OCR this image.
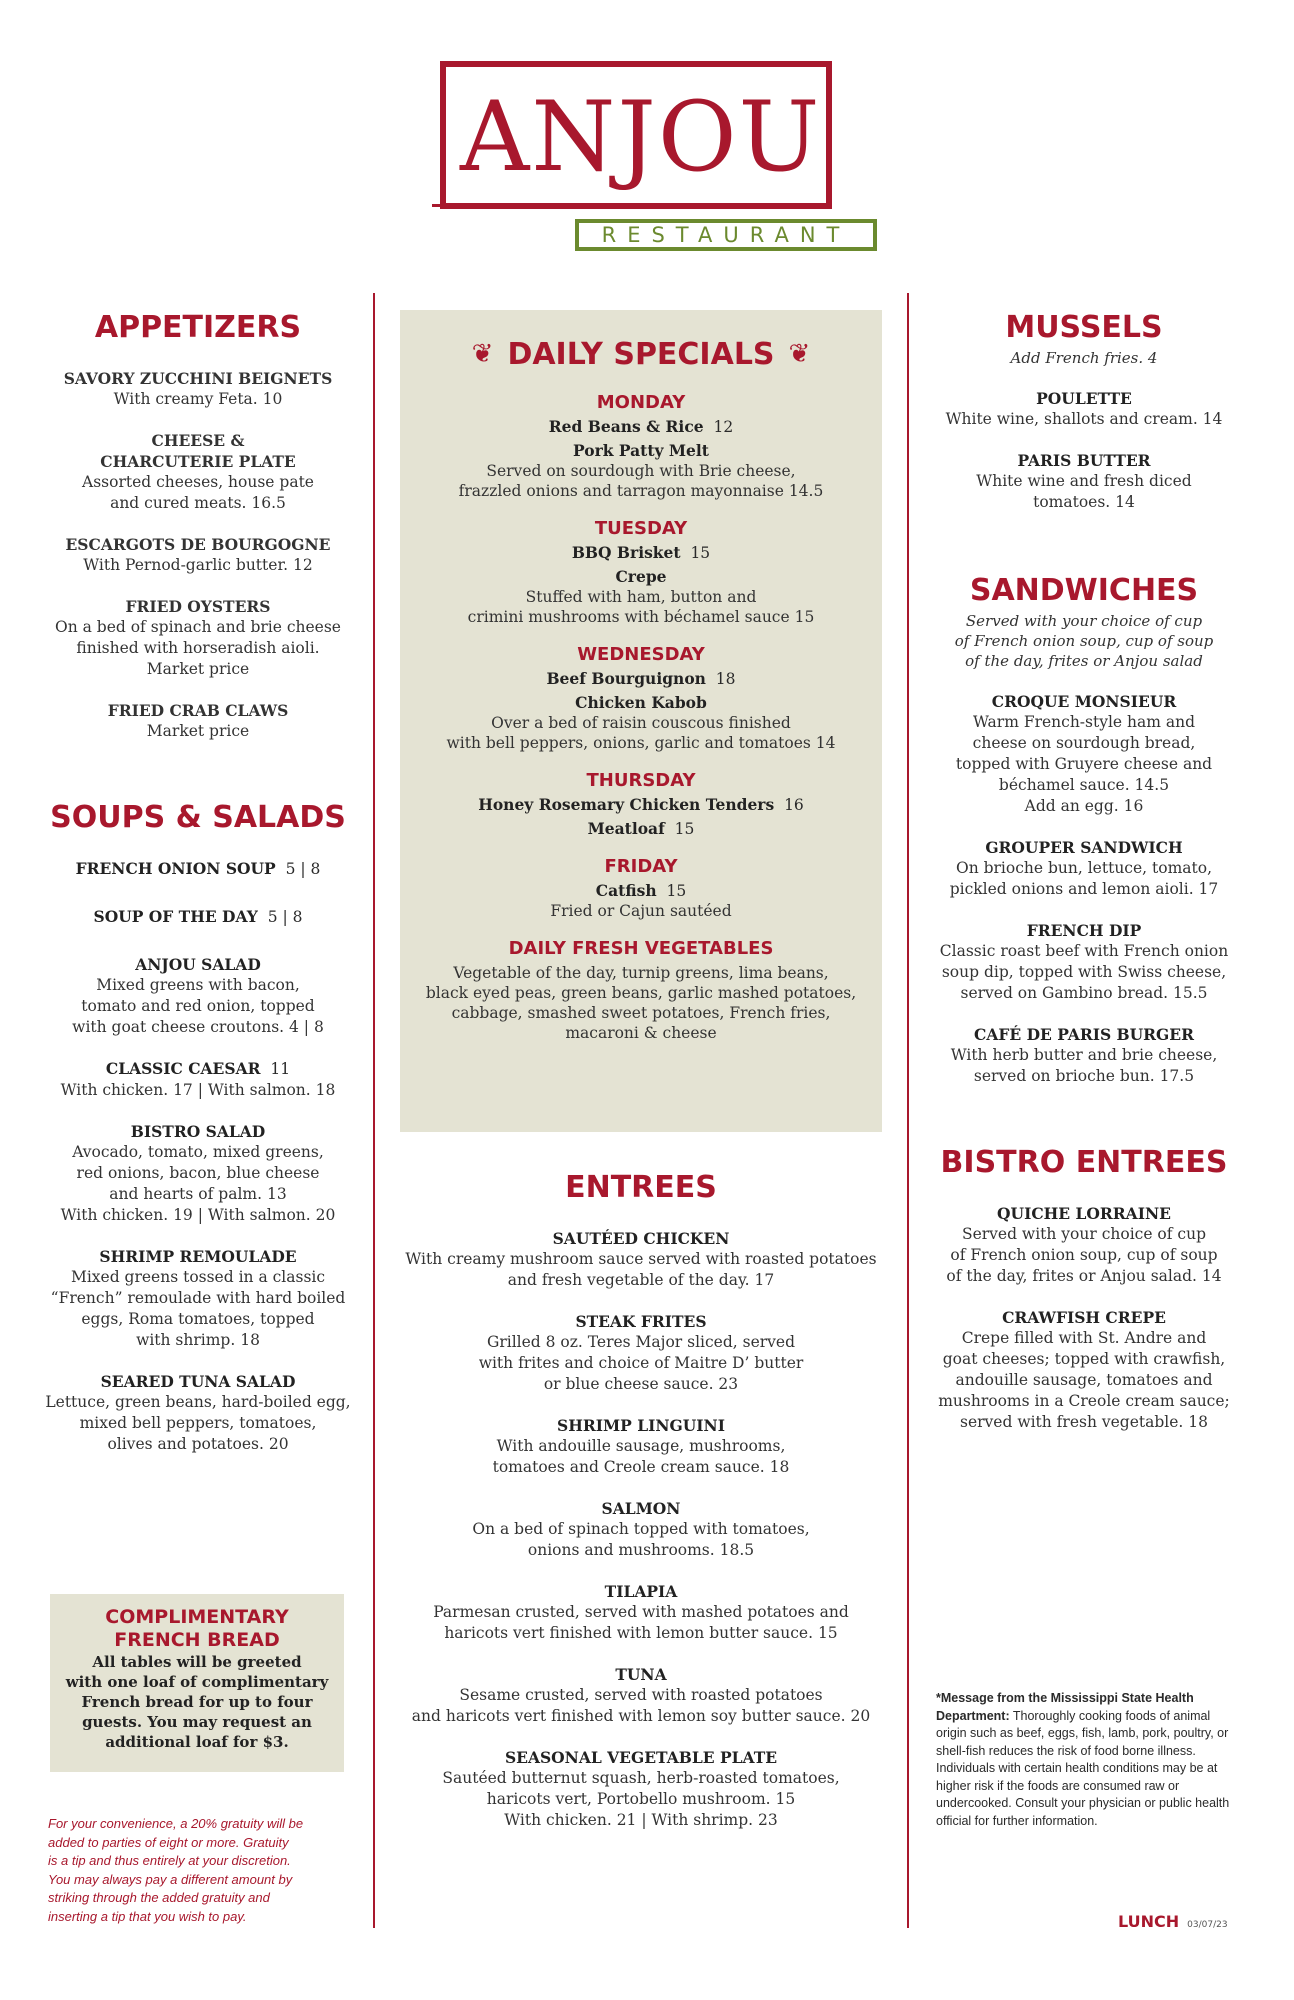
ANJOU
RESTAURANT
APPETIZERS
SAVORY ZUCCHINI BEIGNETS
With creamy Feta. 10
CHEESE &
CHARCUTERIE PLATE
Assorted cheeses, house pate
and cured meats. 16.5
ESCARGOTS DE BOURGOGNE
With Pernod-garlic butter. 12
FRIED OYSTERS
On a bed of spinach and brie cheese
finished with horseradish aioli.
Market price
FRIED CRAB CLAWS
Market price
SOUPS & SALADS
FRENCH ONION SOUP 5 | 8
SOUP OF THE DAY 5 | 8
ANJOU SALAD
Mixed greens with bacon,
tomato and red onion, topped
with goat cheese croutons. 4 | 8
CLASSIC CAESAR 11
With chicken. 17 | With salmon. 18
BISTRO SALAD
Avocado, tomato, mixed greens,
red onions, bacon, blue cheese
and hearts of palm. 13
With chicken. 19 | With salmon. 20
SHRIMP REMOULADE
Mixed greens tossed in a classic
“French” remoulade with hard boiled
eggs, Roma tomatoes, topped
with shrimp. 18
SEARED TUNA SALAD
Lettuce, green beans, hard-boiled egg,
mixed bell peppers, tomatoes,
olives and potatoes. 20
COMPLIMENTARY
FRENCH BREAD
All tables will be greeted
with one loaf of complimentary
French bread for up to four
guests. You may request an
additional loaf for $3.
For your convenience, a 20% gratuity will be
added to parties of eight or more. Gratuity
is a tip and thus entirely at your discretion.
You may always pay a different amount by
striking through the added gratuity and
inserting a tip that you wish to pay.
❦ DAILY SPECIALS ❦
MONDAY
Red Beans & Rice 12
Pork Patty Melt
Served on sourdough with Brie cheese,
frazzled onions and tarragon mayonnaise 14.5
TUESDAY
BBQ Brisket 15
Crepe
Stuffed with ham, button and
crimini mushrooms with béchamel sauce 15
WEDNESDAY
Beef Bourguignon 18
Chicken Kabob
Over a bed of raisin couscous finished
with bell peppers, onions, garlic and tomatoes 14
THURSDAY
Honey Rosemary Chicken Tenders 16
Meatloaf 15
FRIDAY
Catfish 15
Fried or Cajun sautéed
DAILY FRESH VEGETABLES
Vegetable of the day, turnip greens, lima beans,
black eyed peas, green beans, garlic mashed potatoes,
cabbage, smashed sweet potatoes, French fries,
macaroni & cheese
ENTREES
SAUTÉED CHICKEN
With creamy mushroom sauce served with roasted potatoes
and fresh vegetable of the day. 17
STEAK FRITES
Grilled 8 oz. Teres Major sliced, served
with frites and choice of Maitre D’ butter
or blue cheese sauce. 23
SHRIMP LINGUINI
With andouille sausage, mushrooms,
tomatoes and Creole cream sauce. 18
SALMON
On a bed of spinach topped with tomatoes,
onions and mushrooms. 18.5
TILAPIA
Parmesan crusted, served with mashed potatoes and
haricots vert finished with lemon butter sauce. 15
TUNA
Sesame crusted, served with roasted potatoes
and haricots vert finished with lemon soy butter sauce. 20
SEASONAL VEGETABLE PLATE
Sautéed butternut squash, herb-roasted tomatoes,
haricots vert, Portobello mushroom. 15
With chicken. 21 | With shrimp. 23
MUSSELS
Add French fries. 4
POULETTE
White wine, shallots and cream. 14
PARIS BUTTER
White wine and fresh diced
tomatoes. 14
SANDWICHES
Served with your choice of cup
of French onion soup, cup of soup
of the day, frites or Anjou salad
CROQUE MONSIEUR
Warm French-style ham and
cheese on sourdough bread,
topped with Gruyere cheese and
béchamel sauce. 14.5
Add an egg. 16
GROUPER SANDWICH
On brioche bun, lettuce, tomato,
pickled onions and lemon aioli. 17
FRENCH DIP
Classic roast beef with French onion
soup dip, topped with Swiss cheese,
served on Gambino bread. 15.5
CAFÉ DE PARIS BURGER
With herb butter and brie cheese,
served on brioche bun. 17.5
BISTRO ENTREES
QUICHE LORRAINE
Served with your choice of cup
of French onion soup, cup of soup
of the day, frites or Anjou salad. 14
CRAWFISH CREPE
Crepe filled with St. Andre and
goat cheeses; topped with crawfish,
andouille sausage, tomatoes and
mushrooms in a Creole cream sauce;
served with fresh vegetable. 18
*Message from the Mississippi State Health Department: Thoroughly cooking foods of animal origin such as beef, eggs, fish, lamb, pork, poultry, or shell-fish reduces the risk of food borne illness. Individuals with certain health conditions may be at higher risk if the foods are consumed raw or undercooked. Consult your physician or public health official for further information.
LUNCH 03/07/23
